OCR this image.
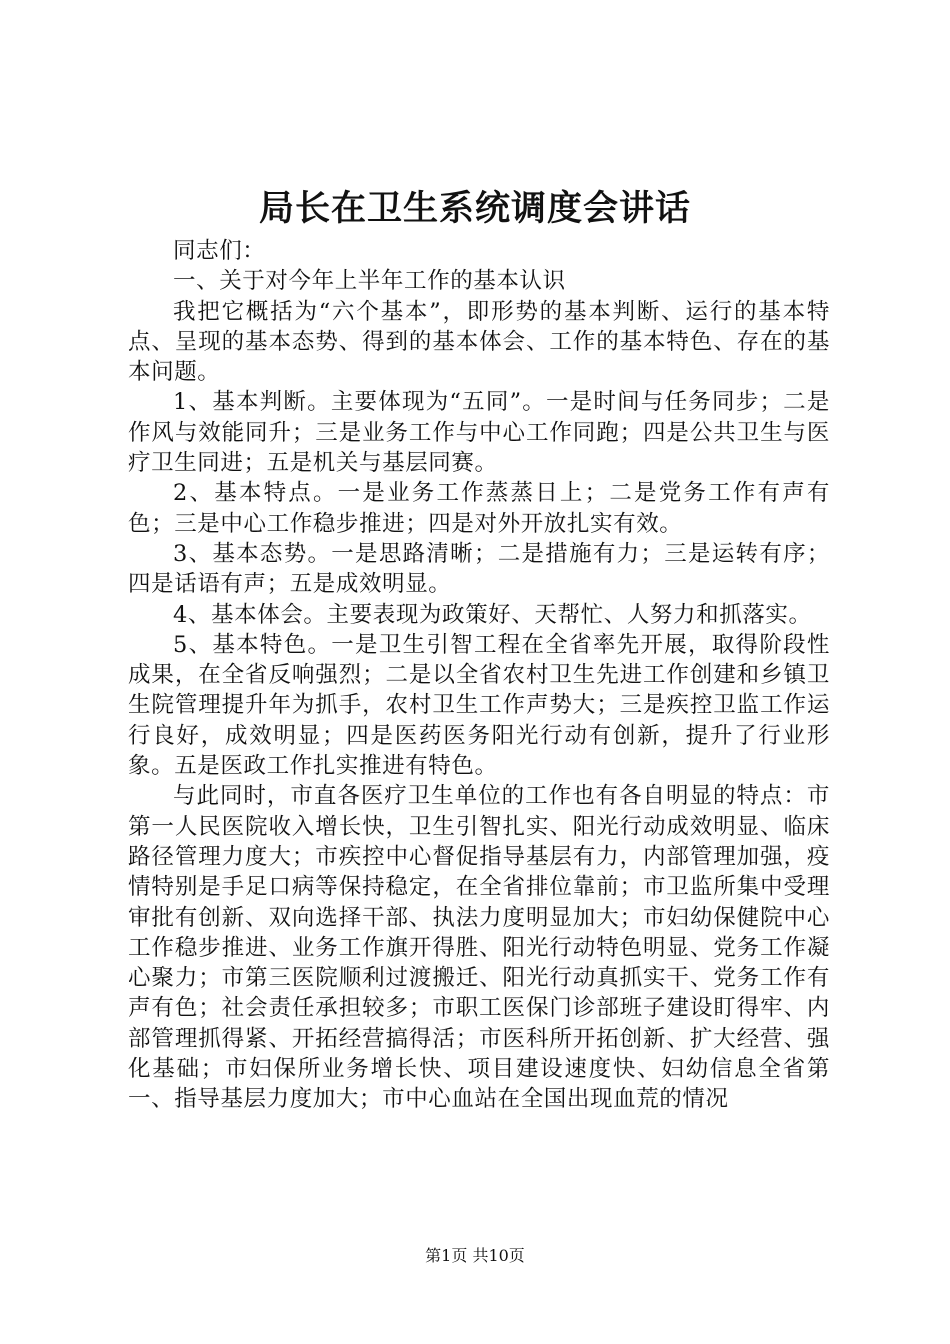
局长在卫生系统调度会讲话

同志们：

一、关于对今年上半年工作的基本认识

我把它概括为“六个基本”，即形势的基本判断、运行的基本特点、呈现的基本态势、得到的基本体会、工作的基本特色、存在的基本问题。

1、基本判断。主要体现为“五同”。一是时间与任务同步；二是作风与效能同升；三是业务工作与中心工作同跑；四是公共卫生与医疗卫生同进；五是机关与基层同赛。

2、基本特点。一是业务工作蒸蒸日上；二是党务工作有声有色；三是中心工作稳步推进；四是对外开放扎实有效。

3、基本态势。一是思路清晰；二是措施有力；三是运转有序；四是话语有声；五是成效明显。

4、基本体会。主要表现为政策好、天帮忙、人努力和抓落实。

5、基本特色。一是卫生引智工程在全省率先开展，取得阶段性成果，在全省反响强烈；二是以全省农村卫生先进工作创建和乡镇卫生院管理提升年为抓手，农村卫生工作声势大；三是疾控卫监工作运行良好，成效明显；四是医药医务阳光行动有创新，提升了行业形象。五是医政工作扎实推进有特色。

与此同时，市直各医疗卫生单位的工作也有各自明显的特点：市第一人民医院收入增长快，卫生引智扎实、阳光行动成效明显、临床路径管理力度大；市疾控中心督促指导基层有力，内部管理加强，疫情特别是手足口病等保持稳定，在全省排位靠前；市卫监所集中受理审批有创新、双向选择干部、执法力度明显加大；市妇幼保健院中心工作稳步推进、业务工作旗开得胜、阳光行动特色明显、党务工作凝心聚力；市第三医院顺利过渡搬迁、阳光行动真抓实干、党务工作有声有色；社会责任承担较多；市职工医保门诊部班子建设盯得牢、内部管理抓得紧、开拓经营搞得活；市医科所开拓创新、扩大经营、强化基础；市妇保所业务增长快、项目建设速度快、妇幼信息全省第一、指导基层力度加大；市中心血站在全国出现血荒的情况

第1页 共10页
